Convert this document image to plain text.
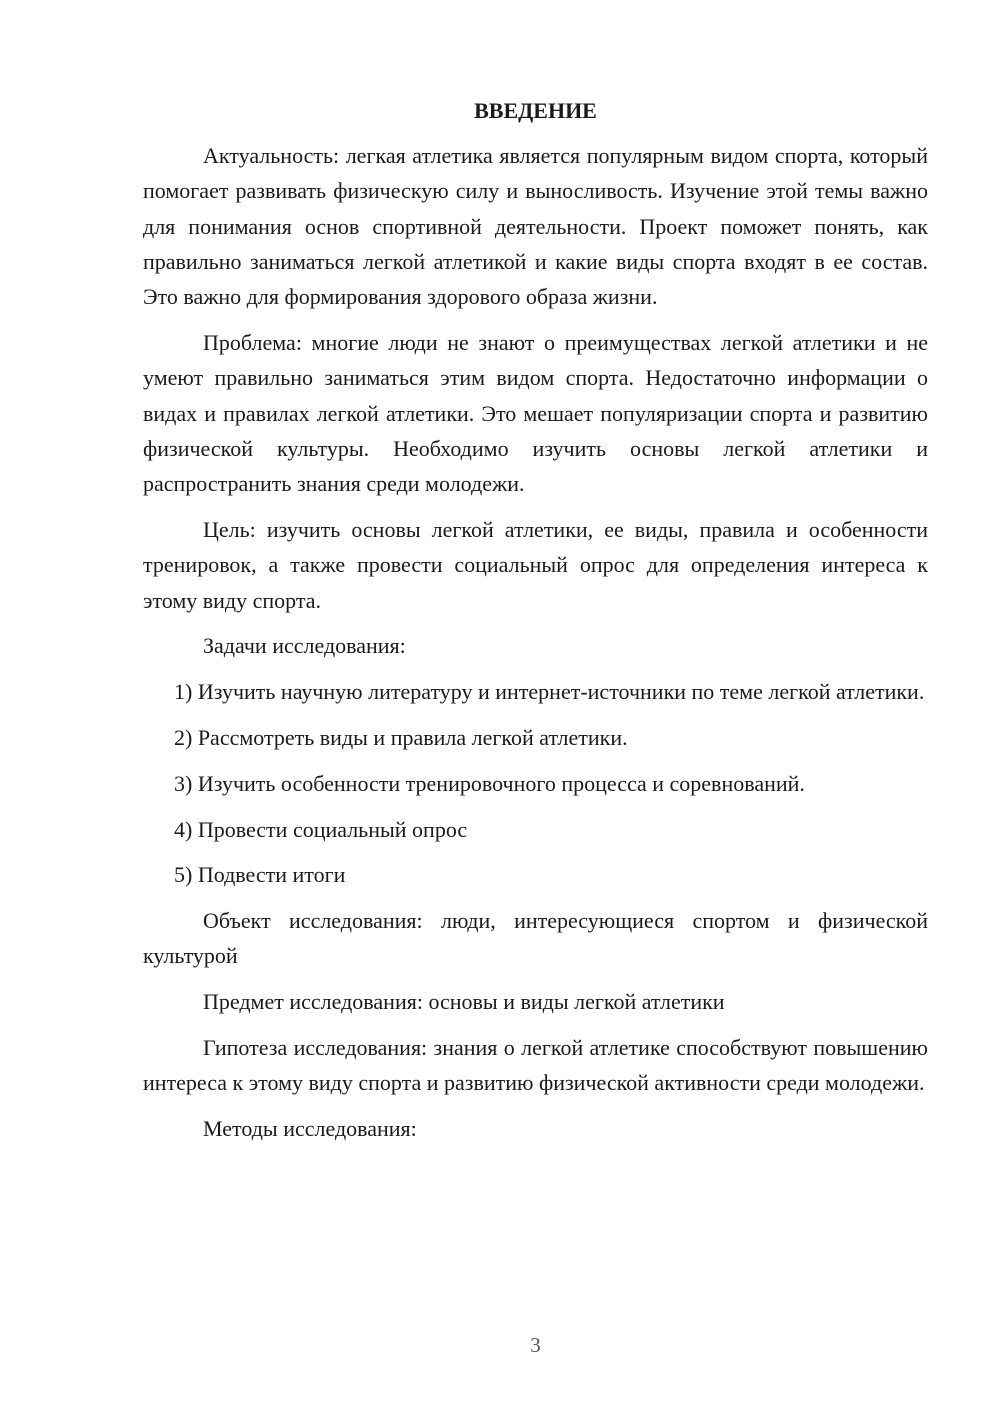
ВВЕДЕНИЕ

Актуальность: легкая атлетика является популярным видом спорта, который помогает развивать физическую силу и выносливость. Изучение этой темы важно для понимания основ спортивной деятельности. Проект поможет понять, как правильно заниматься легкой атлетикой и какие виды спорта входят в ее состав. Это важно для формирования здорового образа жизни.

Проблема: многие люди не знают о преимуществах легкой атлетики и не умеют правильно заниматься этим видом спорта. Недостаточно информации о видах и правилах легкой атлетики. Это мешает популяризации спорта и развитию физической культуры. Необходимо изучить основы легкой атлетики и распространить знания среди молодежи.

Цель: изучить основы легкой атлетики, ее виды, правила и особенности тренировок, а также провести социальный опрос для определения интереса к этому виду спорта.

Задачи исследования:

1) Изучить научную литературу и интернет-источники по теме легкой атлетики.

2) Рассмотреть виды и правила легкой атлетики.

3) Изучить особенности тренировочного процесса и соревнований.

4) Провести социальный опрос

5) Подвести итоги

Объект исследования: люди, интересующиеся спортом и физической культурой

Предмет исследования: основы и виды легкой атлетики

Гипотеза исследования: знания о легкой атлетике способствуют повышению интереса к этому виду спорта и развитию физической активности среди молодежи.

Методы исследования:

3
